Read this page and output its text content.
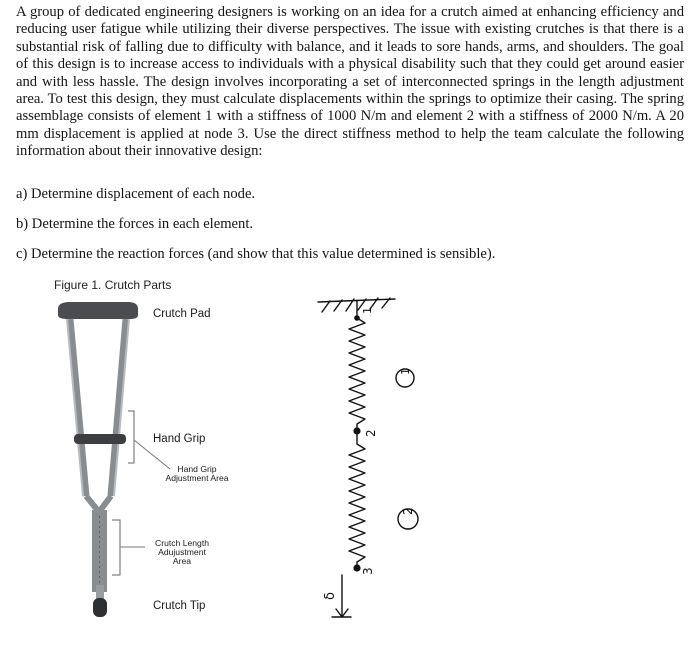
A group of dedicated engineering designers is working on an idea for a crutch aimed at enhancing efficiency and reducing user fatigue while utilizing their diverse perspectives. The issue with existing crutches is that there is a substantial risk of falling due to difficulty with balance, and it leads to sore hands, arms, and shoulders. The goal of this design is to increase access to individuals with a physical disability such that they could get around easier and with less hassle. The design involves incorporating a set of interconnected springs in the length adjustment area. To test this design, they must calculate displacements within the springs to optimize their casing. The spring assemblage consists of element 1 with a stiffness of 1000 N/m and element 2 with a stiffness of 2000 N/m. A 20 mm displacement is applied at node 3. Use the direct stiffness method to help the team calculate the following information about their innovative design:

a) Determine displacement of each node.
b) Determine the forces in each element.
c) Determine the reaction forces (and show that this value determined is sensible).
Figure 1. Crutch Parts
Crutch Pad
Hand Grip
Hand Grip
Adjustment Area
Crutch Length
Adujustment
Area
Crutch Tip
1
2
3
1
2
δ
